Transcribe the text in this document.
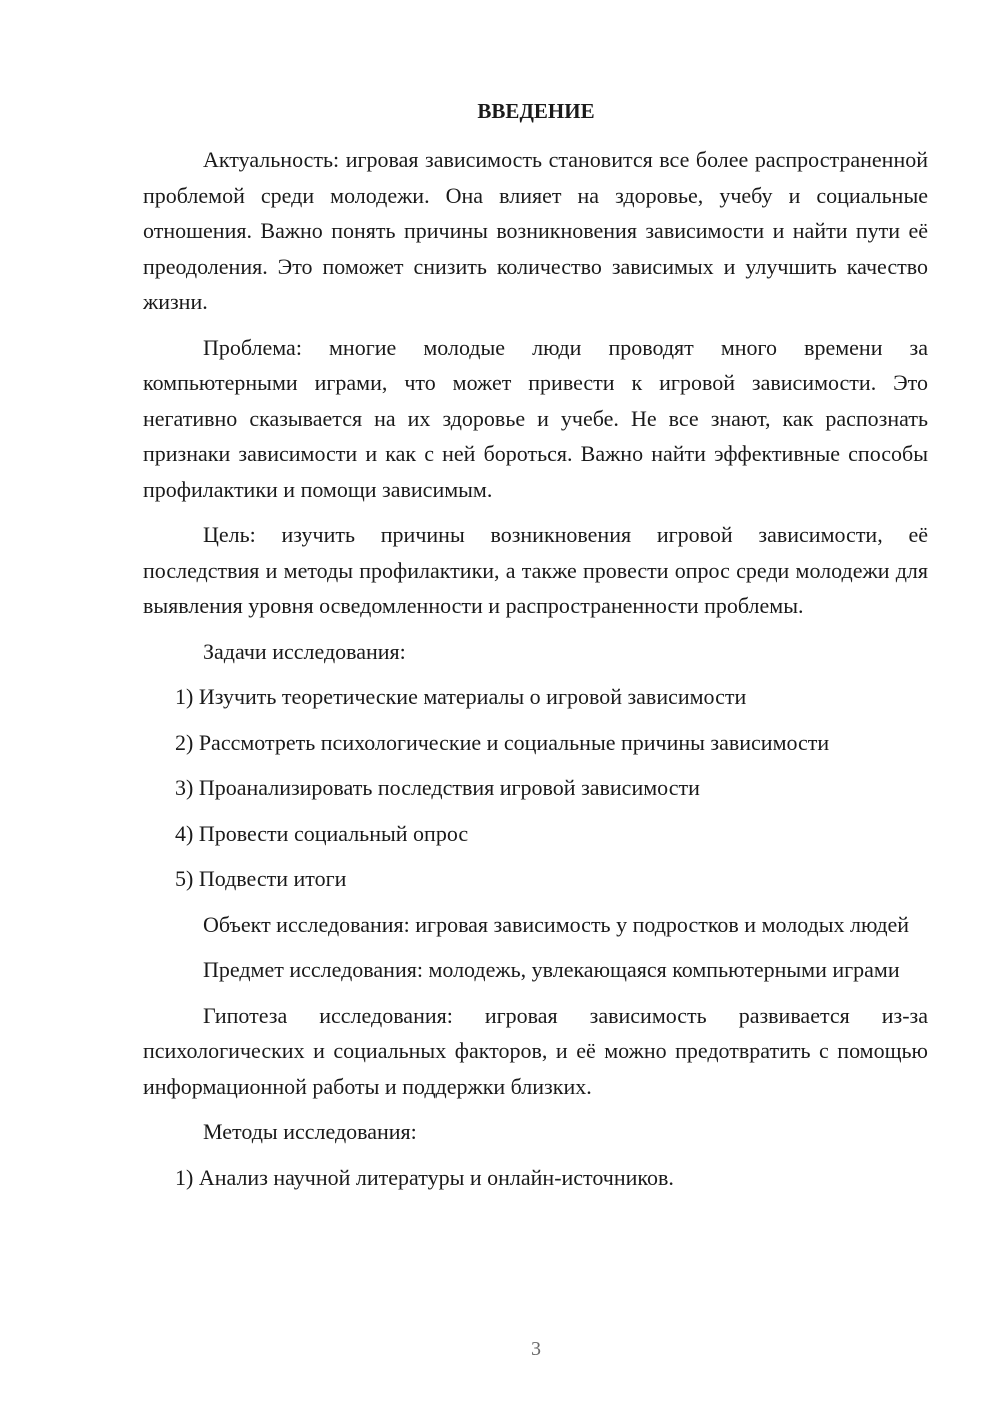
ВВЕДЕНИЕ

Актуальность: игровая зависимость становится все более распространенной проблемой среди молодежи. Она влияет на здоровье, учебу и социальные отношения. Важно понять причины возникновения зависимости и найти пути её преодоления. Это поможет снизить количество зависимых и улучшить качество жизни.

Проблема: многие молодые люди проводят много времени за компьютерными играми, что может привести к игровой зависимости. Это негативно сказывается на их здоровье и учебе. Не все знают, как распознать признаки зависимости и как с ней бороться. Важно найти эффективные способы профилактики и помощи зависимым.

Цель: изучить причины возникновения игровой зависимости, её последствия и методы профилактики, а также провести опрос среди молодежи для выявления уровня осведомленности и распространенности проблемы.

Задачи исследования:

1) Изучить теоретические материалы о игровой зависимости

2) Рассмотреть психологические и социальные причины зависимости

3) Проанализировать последствия игровой зависимости

4) Провести социальный опрос

5) Подвести итоги

Объект исследования: игровая зависимость у подростков и молодых людей

Предмет исследования: молодежь, увлекающаяся компьютерными играми

Гипотеза исследования: игровая зависимость развивается из-за психологических и социальных факторов, и её можно предотвратить с помощью информационной работы и поддержки близких.

Методы исследования:

1) Анализ научной литературы и онлайн-источников.

3
